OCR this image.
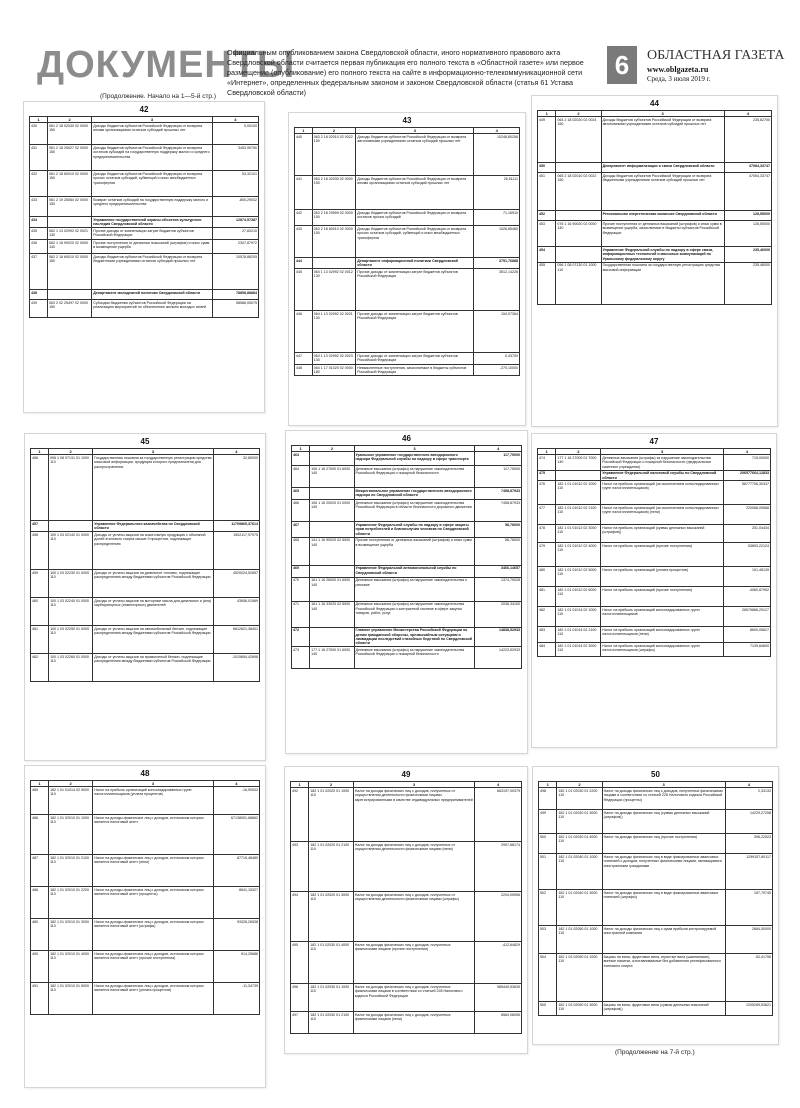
ДОКУМЕНТЫ
Официальным опубликованием закона Свердловской области, иного нормативного правового акта Свердловской области считается первая публикация его полного текста в «Областной газете» или первое размещение (опубликование) его полного текста на сайте в информационно-телекоммуникационной сети «Интернет», определенных федеральным законом и законом Свердловской области (статья 61 Устава Свердловской области)
6	ОБЛАСТНАЯ ГАЗЕТА
www.oblgazeta.ru
Среда, 3 июля 2019 г.
(Продолжение. Начало на 1—5-й стр.)
42
1	2	3	4
430	061 2 18 02030 02 0000 150	Доходы бюджетов субъектов Российской Федерации от возврата иными организациями остатков субсидий прошлых лет	0,00100
431	061 2 18 25027 02 0000 150	Доходы бюджетов субъектов Российской Федерации от возврата остатков субсидий на государственную поддержку малого и среднего предпринимательства	3453,99750
432	061 2 18 60010 02 0000 150	Доходы бюджетов субъектов Российской Федерации от возврата прочих остатков субсидий, субвенций и иных межбюджетных трансфертов	53,32101
433	061 2 19 25064 02 0000 150	Возврат остатков субсидий на государственную поддержку малого и среднего предпринимательства	-800,29032
434		Управление государственной охраны объектов культурного наследия Свердловской области	12874,57387
435	062 1 13 02992 02 0021 130	Прочие доходы от компенсации затрат бюджетов субъектов Российской Федерации	27,83210
436	062 1 16 90020 02 0000 140	Прочие поступления от денежных взысканий (штрафов) и иных сумм в возмещение ущерба	2307,87972
437	062 2 18 60010 02 0000 150	Доходы бюджетов субъектов Российской Федерации от возврата бюджетными учреждениями остатков субсидий прошлых лет	10578,86205
438		Департамент молодежной политики Свердловской области	78858,88884
439	063 2 02 25497 02 0000 150	Субсидии бюджетам субъектов Российской Федерации на реализацию мероприятий по обеспечению жильем молодых семей	58586,05075
43
1	2	3	4
440	063 2 18 02010 02 0022 150	Доходы бюджетов субъектов Российской Федерации от возврата автономными учреждениями остатков субсидий прошлых лет	10248,80258
441	063 2 18 02030 02 0000 150	Доходы бюджетов субъектов Российской Федерации от возврата иными организациями остатков субсидий прошлых лет	26,51111
442	063 2 18 29999 02 0000 150	Доходы бюджетов субъектов Российской Федерации от возврата остатков прочих субсидий	71,16910
443	063 2 18 60010 02 0000 150	Доходы бюджетов субъектов Российской Федерации от возврата прочих остатков субсидий, субвенций и иных межбюджетных трансфертов	1026,85460
444		Департамент информационной политики Свердловской области	3751,76888
445	064 1 13 02992 02 0012 130	Прочие доходы от компенсации затрат бюджетов субъектов Российской Федерации	3512,14226
446	064 1 13 02992 02 0021 130	Прочие доходы от компенсации затрат бюджетов субъектов Российской Федерации	154,07364
447	064 1 13 02992 02 0023 130	Прочие доходы от компенсации затрат бюджетов субъектов Российской Федерации	0,43700
448	064 1 17 01020 02 0000 180	Невыясненные поступления, зачисляемые в бюджеты субъектов Российской Федерации	-270,10000
44
1	2	3	4
449	064 2 18 02020 02 0024 150	Доходы бюджетов субъектов Российской Федерации от возврата автономными учреждениями остатков субсидий прошлых лет	235,62700
450		Департамент информатизации и связи Свердловской области	47084,33747
451	065 2 18 02010 02 0022 150	Доходы бюджетов субъектов Российской Федерации от возврата бюджетными учреждениями остатков субсидий прошлых лет	47054,33747
452		Региональная энергетическая комиссия Свердловской области	128,55000
453	076 1 16 90020 02 0000 140	Прочие поступления от денежных взысканий (штрафов) и иных сумм в возмещение ущерба, зачисляемые в бюджеты субъектов Российской Федерации	128,55000
454		Управление Федеральной службы по надзору в сфере связи, информационных технологий и массовых коммуникаций по Уральскому федеральному округу	235,46000
455	096 1 08 07130 01 1000 110	Государственная пошлина за государственную регистрацию средства массовой информации	235,46000
45
1	2	3	4
456	096 1 08 07131 01 1000 110	Государственная пошлина за государственную регистрацию средства массовой информации, продукция которого предназначена для распространения	32,80000
457		Управление Федерального казначейства по Свердловской области	11709865,37614
458	100 1 03 02140 01 0000 110	Доходы от уплаты акцизов на алкогольную продукцию с объемной долей этилового спирта свыше 9 процентов, подлежащие распределению	1502117,97975
459	100 1 03 02230 01 0000 110	Доходы от уплаты акцизов на дизельное топливо, подлежащие распределению между бюджетами субъектов Российской Федерации	4520024,52657
460	100 1 03 02240 01 0000 110	Доходы от уплаты акцизов на моторные масла для дизельных и (или) карбюраторных (инжекторных) двигателей	43656,01589
461	100 1 03 02250 01 0000 110	Доходы от уплаты акцизов на автомобильный бензин, подлежащие распределению между бюджетами субъектов Российской Федерации	6612621,38401
462	100 1 03 02260 01 0000 110	Доходы от уплаты акцизов на прямогонный бензин, подлежащие распределению между бюджетами субъектов Российской Федерации	-1015654,42698
46
1	2	3	4
463		Уральское управление государственного автодорожного надзора Федеральной службы по надзору в сфере транспорта	117,75000
464	106 1 16 27000 01 6000 140	Денежные взыскания (штрафы) за нарушение законодательства Российской Федерации о пожарной безопасности	117,75000
465		Межрегиональное управление государственного автодорожного надзора по Свердловской области	7458,87933
466	106 1 16 20020 01 0000 140	Денежные взыскания (штрафы) за нарушение законодательства Российской Федерации в области безопасности дорожного движения	7458,87933
467		Управление Федеральной службы по надзору в сфере защиты прав потребителей и благополучия человека по Свердловской области	58,78000
468	141 1 16 90020 02 6000 140	Прочие поступления от денежных взысканий (штрафов) и иных сумм в возмещение ущерба	58,78000
469		Управление Федеральной антимонопольной службы по Свердловской области	3466,14657
470	161 1 16 26000 01 6000 140	Денежные взыскания (штрафы) за нарушение законодательства о рекламе	1374,79028
471	161 1 16 33020 02 6000 140	Денежные взыскания (штрафы) за нарушение законодательства Российской Федерации о контрактной системе в сфере закупок товаров, работ, услуг	2036,34100
472		Главное управление Министерства Российской Федерации по делам гражданской обороны, чрезвычайным ситуациям и ликвидации последствий стихийных бедствий по Свердловской области	14838,52933
473	177 1 16 27000 01 6000 140	Денежные взыскания (штрафы) за нарушение законодательства Российской Федерации о пожарной безопасности	14223,52933
47
1	2	3	4
474	177 1 16 27000 01 7000 140	Денежные взыскания (штрафы) за нарушение законодательства Российской Федерации о пожарной безопасности (федеральные казенные учреждения)	715,00000
475		Управление Федеральной налоговой службы по Свердловской области	206577664,12833
476	182 1 01 01012 02 1000 110	Налог на прибыль организаций (за исключением консолидированных групп налогоплательщиков)	58777706,30337
477	182 1 01 01012 02 2100 110	Налог на прибыль организаций (за исключением консолидированных групп налогоплательщиков) (пени)	220068,09568
478	182 1 01 01012 02 3000 110	Налог на прибыль организаций (суммы денежных взысканий (штрафов))	251,04434
479	182 1 01 01012 02 4000 110	Налог на прибыль организаций (прочие поступления)	53893,22124
480	182 1 01 01012 02 5000 110	Налог на прибыль организаций (уплата процентов)	101,48139
481	182 1 01 01012 02 6000 110	Налог на прибыль организаций (прочие поступления)	-4060,87952
482	182 1 01 01014 02 1000 110	Налог на прибыль организаций консолидированных групп налогоплательщиков	26579866,29127
483	182 1 01 01014 02 2100 110	Налог на прибыль организаций консолидированных групп налогоплательщиков (пени)	8600,05627
484	182 1 01 01014 02 3000 110	Налог на прибыль организаций консолидированных групп налогоплательщиков (штрафы)	7139,84800
48
1	2	3	4
485	182 1 01 01014 02 5000 110	Налог на прибыль организаций консолидированных групп налогоплательщиков (уплата процентов)	-16,90533
486	182 1 01 02010 01 1000 110	Налог на доходы физических лиц с доходов, источником которых является налоговый агент	67138051,68662
487	182 1 01 02010 01 2100 110	Налог на доходы физических лиц с доходов, источником которых является налоговый агент (пени)	87719,48480
488	182 1 01 02010 01 2200 110	Налог на доходы физических лиц с доходов, источником которых является налоговый агент (проценты)	8641,15327
489	182 1 01 02010 01 3000 110	Налог на доходы физических лиц с доходов, источником которых является налоговый агент (штрафы)	93326,26538
490	182 1 01 02010 01 4000 110	Налог на доходы физических лиц с доходов, источником которых является налоговый агент (прочие поступления)	914,25686
491	182 1 01 02010 01 5000 110	Налог на доходы физических лиц с доходов, источником которых является налоговый агент (уплата процентов)	-11,34739
49
1	2	3	4
492	182 1 01 02020 01 1000 110	Налог на доходы физических лиц с доходов, полученных от осуществления деятельности физическими лицами, зарегистрированными в качестве индивидуальных предпринимателей	663197,00379
493	182 1 01 02020 01 2100 110	Налог на доходы физических лиц с доходов, полученных от осуществления деятельности физическими лицами (пени)	2997,68174
494	182 1 01 02020 01 3000 110	Налог на доходы физических лиц с доходов, полученных от осуществления деятельности физическими лицами (штрафы)	2204,05956
495	182 1 01 02030 01 4000 110	Налог на доходы физических лиц с доходов, полученных физическими лицами (прочие поступления)	-412,64829
496	182 1 01 02030 01 1000 110	Налог на доходы физических лиц с доходов, полученных физическими лицами в соответствии со статьей 228 Налогового кодекса Российской Федерации	985449,53639
497	182 1 01 02030 01 2100 110	Налог на доходы физических лиц с доходов, полученных физическими лицами (пени)	8584,08055
50
1	2	3	4
498	182 1 01 02030 01 2200 110	Налог на доходы физических лиц с доходов, полученных физическими лицами в соответствии со статьей 228 Налогового кодекса Российской Федерации (проценты)	2,33133
499	182 1 01 02030 01 3000 110	Налог на доходы физических лиц (суммы денежных взысканий (штрафов))	14229,27258
500	182 1 01 02030 01 4000 110	Налог на доходы физических лиц (прочие поступления)	396,22523
501	182 1 01 02040 01 1000 110	Налог на доходы физических лиц в виде фиксированных авансовых платежей с доходов, полученных физическими лицами, являющимися иностранными гражданами	1299157,80117
502	182 1 01 02040 01 3000 110	Налог на доходы физических лиц в виде фиксированных авансовых платежей (штрафы)	157,79745
503	182 1 01 02050 01 1000 110	Налог на доходы физических лиц с сумм прибыли контролируемой иностранной компании	2684,50000
504	182 1 03 02090 01 1000 110	Акцизы на вина, фруктовые вина, игристые вина (шампанские), винные напитки, изготавливаемые без добавления ректификованного этилового спирта	-52,41756
505	182 1 03 02090 01 3000 110	Акцизы на вина, фруктовые вина (суммы денежных взысканий (штрафов))	1205269,53821
(Продолжение на 7-й стр.)
